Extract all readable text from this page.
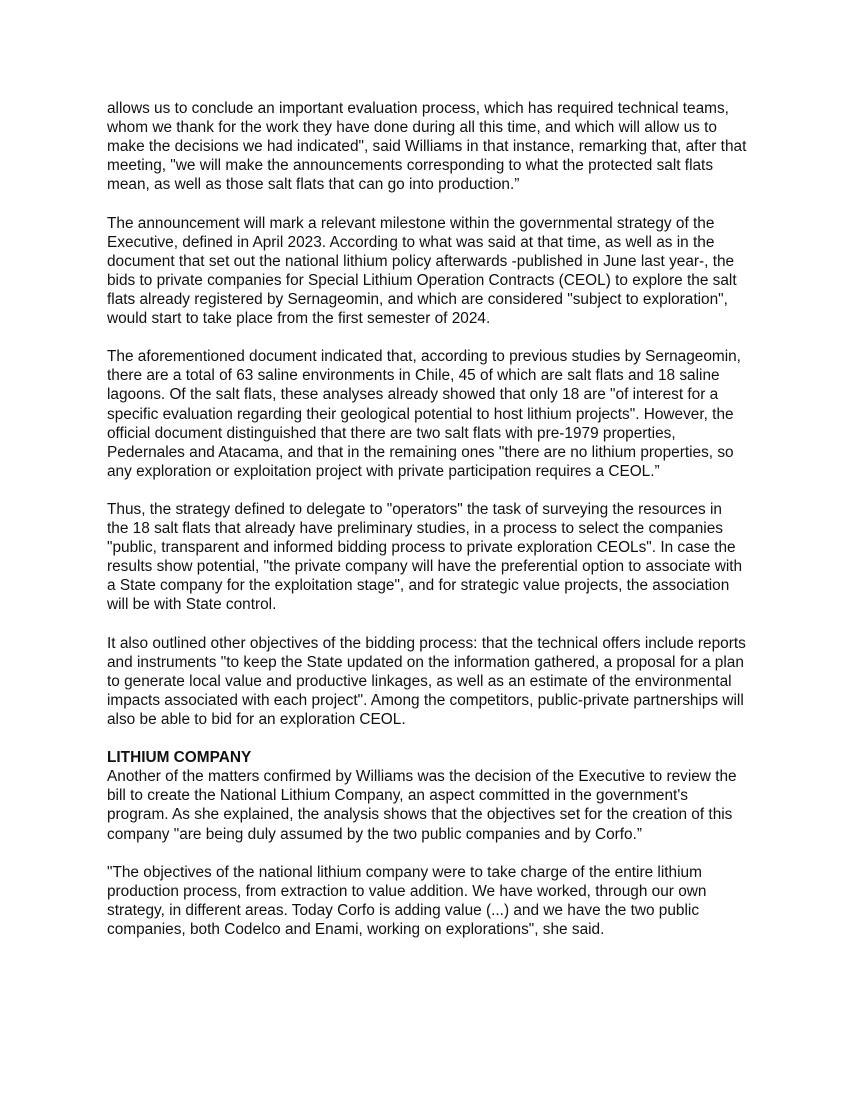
allows us to conclude an important evaluation process, which has required technical teams, whom we thank for the work they have done during all this time, and which will allow us to make the decisions we had indicated", said Williams in that instance, remarking that, after that meeting, "we will make the announcements corresponding to what the protected salt flats mean, as well as those salt flats that can go into production.”

The announcement will mark a relevant milestone within the governmental strategy of the Executive, defined in April 2023. According to what was said at that time, as well as in the document that set out the national lithium policy afterwards -published in June last year-, the bids to private companies for Special Lithium Operation Contracts (CEOL) to explore the salt flats already registered by Sernageomin, and which are considered "subject to exploration", would start to take place from the first semester of 2024.

The aforementioned document indicated that, according to previous studies by Sernageomin, there are a total of 63 saline environments in Chile, 45 of which are salt flats and 18 saline lagoons. Of the salt flats, these analyses already showed that only 18 are "of interest for a specific evaluation regarding their geological potential to host lithium projects". However, the official document distinguished that there are two salt flats with pre-1979 properties, Pedernales and Atacama, and that in the remaining ones "there are no lithium properties, so any exploration or exploitation project with private participation requires a CEOL.”

Thus, the strategy defined to delegate to "operators" the task of surveying the resources in the 18 salt flats that already have preliminary studies, in a process to select the companies "public, transparent and informed bidding process to private exploration CEOLs". In case the results show potential, "the private company will have the preferential option to associate with a State company for the exploitation stage", and for strategic value projects, the association will be with State control.

It also outlined other objectives of the bidding process: that the technical offers include reports and instruments "to keep the State updated on the information gathered, a proposal for a plan to generate local value and productive linkages, as well as an estimate of the environmental impacts associated with each project". Among the competitors, public-private partnerships will also be able to bid for an exploration CEOL.

LITHIUM COMPANY

Another of the matters confirmed by Williams was the decision of the Executive to review the bill to create the National Lithium Company, an aspect committed in the government's program. As she explained, the analysis shows that the objectives set for the creation of this company "are being duly assumed by the two public companies and by Corfo.”

"The objectives of the national lithium company were to take charge of the entire lithium production process, from extraction to value addition. We have worked, through our own strategy, in different areas. Today Corfo is adding value (...) and we have the two public companies, both Codelco and Enami, working on explorations", she said.
